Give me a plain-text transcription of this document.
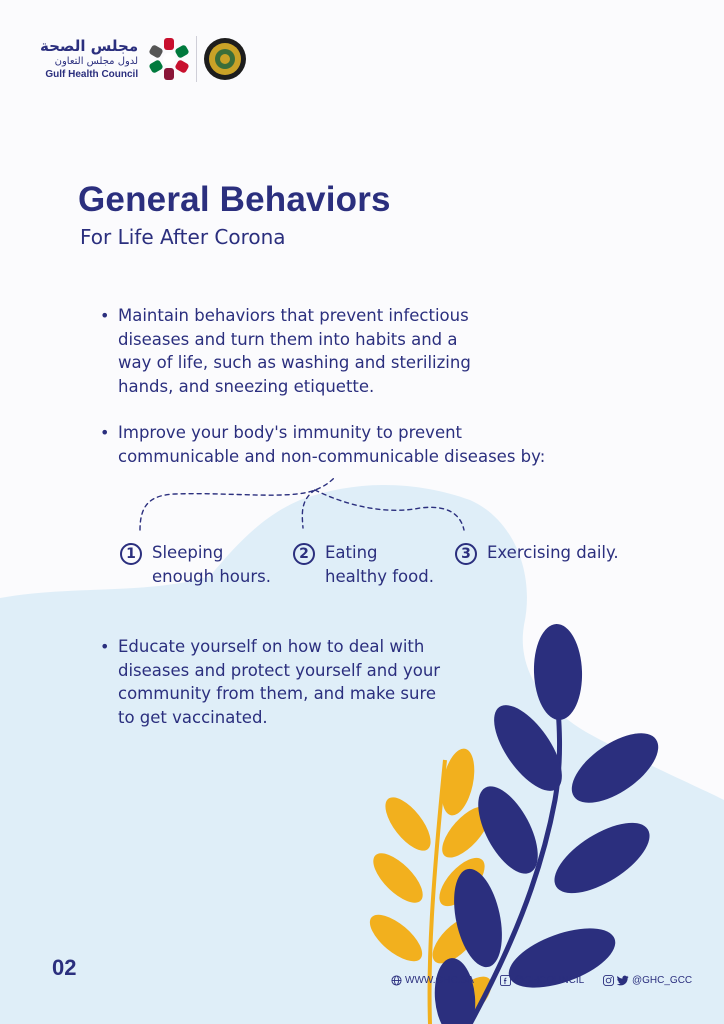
مجلس الصحة
لدول مجلس التعاون
Gulf Health Council
General Behaviors

For Life After Corona

• Maintain behaviors that prevent infectious
diseases and turn them into habits and a
way of life, such as washing and sterilizing
hands, and sneezing etiquette.
• Improve your body's immunity to prevent
communicable and non-communicable diseases by:
1 Sleeping
enough hours.
2 Eating
healthy food.
3 Exercising daily.
• Educate yourself on how to deal with
diseases and protect yourself and your
community from them, and make sure
to get vaccinated.
02
WWW.GHC.SA	@GHCOUNCIL	@GHC_GCC
